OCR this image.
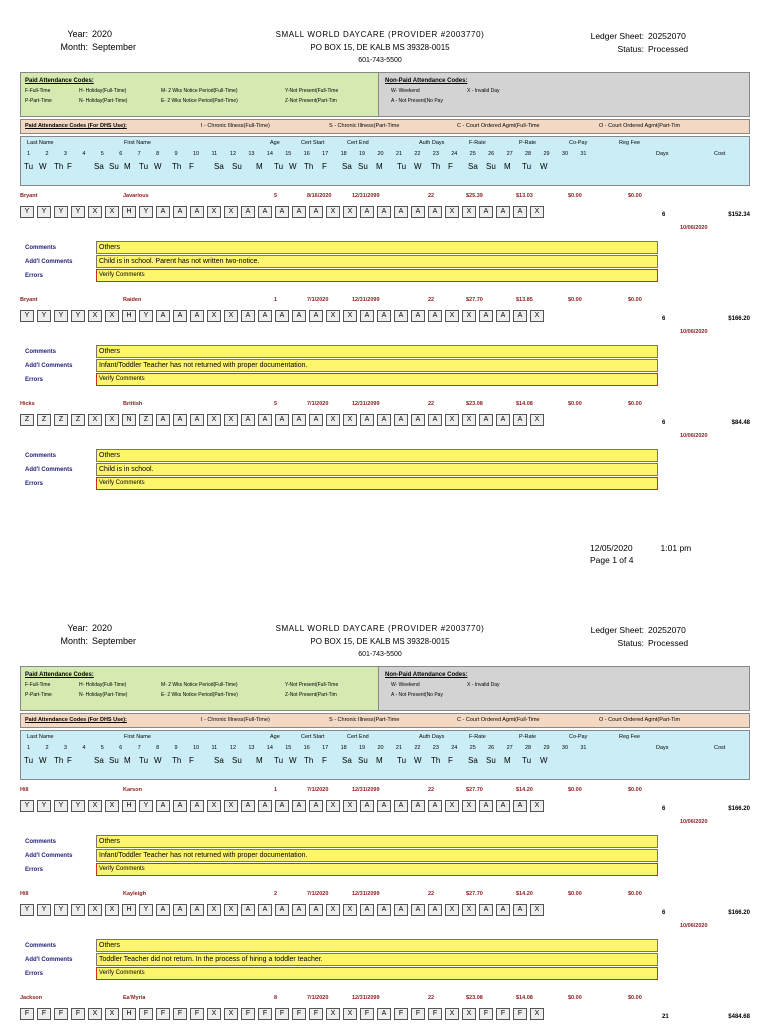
Year: 2020
Month: September
SMALL WORLD DAYCARE (PROVIDER #2003770)
PO BOX 15, DE KALB MS 39328-0015
601-743-5500
Ledger Sheet: 20252070
Status: Processed
Paid Attendance Codes:
F-Full-Time	H- Holiday(Full-Time)	M- 2 Wks Notice Period(Full-Time)	Y-Not Present(Full-Time
P-Part-Time	N- Holiday(Part-Time)	E- 2 Wks Notice Period(Part-Time)	Z-Not Present(Part-Tim
Non-Paid Attendance Codes:
W- Weekend	X - Invalid Day
A - Not Present(No Pay
Paid Attendance Codes (For DHS Use):	I - Chronic Illness(Full-Time)	S - Chronic Illness(Part-Time	C - Court Ordered Agmt(Full-Time	O - Court Ordered Agmt(Part-Tim
Last Name	First Name	Age	Cert Start	Cert End	Auth Days	F-Rate	P-Rate	Co-Pay	Reg Fee
1	2	3	4	5	6	7	8	9	10 11 12 13 14 15 16 17 18 19 20 21 22 23 24 25 26 27 28 29 30 31	Days	Cost
Tu W Th F	Sa Su M Tu W Th F	Sa Su M Tu W Th F Sa Su M Tu W Th F Sa Su M Tu W
Bryant	Javarious	5	8/16/2020	12/31/2099	22	$25.39	$13.03	$0.00	$0.00
Y	Y	Y	Y	X	X	H	Y	A	A	A	X	X	A	A	A	A	A	X	X	A	A	A	A	A	X	X	A	A	A	X	6	$152.34
10/06/2020
Comments	Others
Add'l Comments	Child is in school. Parent has not written two-notice.
Errors	Verify Comments
Bryant	Raiden	1	7/1/2020	12/31/2099	22	$27.70	$13.85	$0.00	$0.00
Y	Y	Y	Y	X	X	H	Y	A	A	A	X	X	A	A	A	A	A	X	X	A	A	A	A	A	X	X	A	A	A	X	6	$166.20
10/06/2020
Comments	Others
Add'l Comments	Infant/Toddler Teacher has not returned with proper documentation.
Errors	Verify Comments
Hicks	Brittish	5	7/1/2020	12/31/2099	22	$23.08	$14.08	$0.00	$0.00
Z	Z	Z	Z	X	X	N	Z	A	A	A	X	X	A	A	A	A	A	X	X	A	A	A	A	A	X	X	A	A	A	X	6	$84.48
10/06/2020
Comments	Others
Add'l Comments	Child is in school.
Errors	Verify Comments
12/05/2020	1:01 pm
Page 1 of 4
Year: 2020
Month: September
SMALL WORLD DAYCARE (PROVIDER #2003770)
PO BOX 15, DE KALB MS 39328-0015
601-743-5500
Ledger Sheet: 20252070
Status: Processed
Paid Attendance Codes:
F-Full-Time	H- Holiday(Full-Time)	M- 2 Wks Notice Period(Full-Time)	Y-Not Present(Full-Time
P-Part-Time	N- Holiday(Part-Time)	E- 2 Wks Notice Period(Part-Time)	Z-Not Present(Part-Tim
Non-Paid Attendance Codes:
W- Weekend	X - Invalid Day
A - Not Present(No Pay
Paid Attendance Codes (For DHS Use):	I - Chronic Illness(Full-Time)	S - Chronic Illness(Part-Time	C - Court Ordered Agmt(Full-Time	O - Court Ordered Agmt(Part-Tim
Last Name	First Name	Age	Cert Start	Cert End	Auth Days	F-Rate	P-Rate	Co-Pay	Reg Fee
1	2	3	4	5	6	7	8	9	10 11 12 13 14 15 16 17 18 19 20 21 22 23 24 25 26 27 28 29 30 31	Days	Cost
Tu W Th F	Sa Su M Tu W Th F	Sa Su M Tu W Th F Sa Su M Tu W Th F Sa Su M Tu W
Hill	Karson	1	7/1/2020	12/31/2099	22	$27.70	$14.20	$0.00	$0.00
Y	Y	Y	Y	X	X	H	Y	A	A	A	X	X	A	A	A	A	A	X	X	A	A	A	A	A	X	X	A	A	A	X	6	$166.20
10/06/2020
Comments	Others
Add'l Comments	Infant/Toddler Teacher has not returned with proper documentation.
Errors	Verify Comments
Hill	Kayleigh	2	7/1/2020	12/31/2099	22	$27.70	$14.20	$0.00	$0.00
Y	Y	Y	Y	X	X	H	Y	A	A	A	X	X	A	A	A	A	A	X	X	A	A	A	A	A	X	X	A	A	A	X	6	$166.20
10/06/2020
Comments	Others
Add'l Comments	Toddler Teacher did not return. In the process of hiring a toddler teacher.
Errors	Verify Comments
Jackson	Ea'Myria	8	7/1/2020	12/31/2099	22	$23.08	$14.08	$0.00	$0.00
F	F	F	F	X	X	H	F	F	F	F	X	X	F	F	F	F	F	X	X	F	A	F	F	F	X	X	F	F	F	X	21	$484.68
